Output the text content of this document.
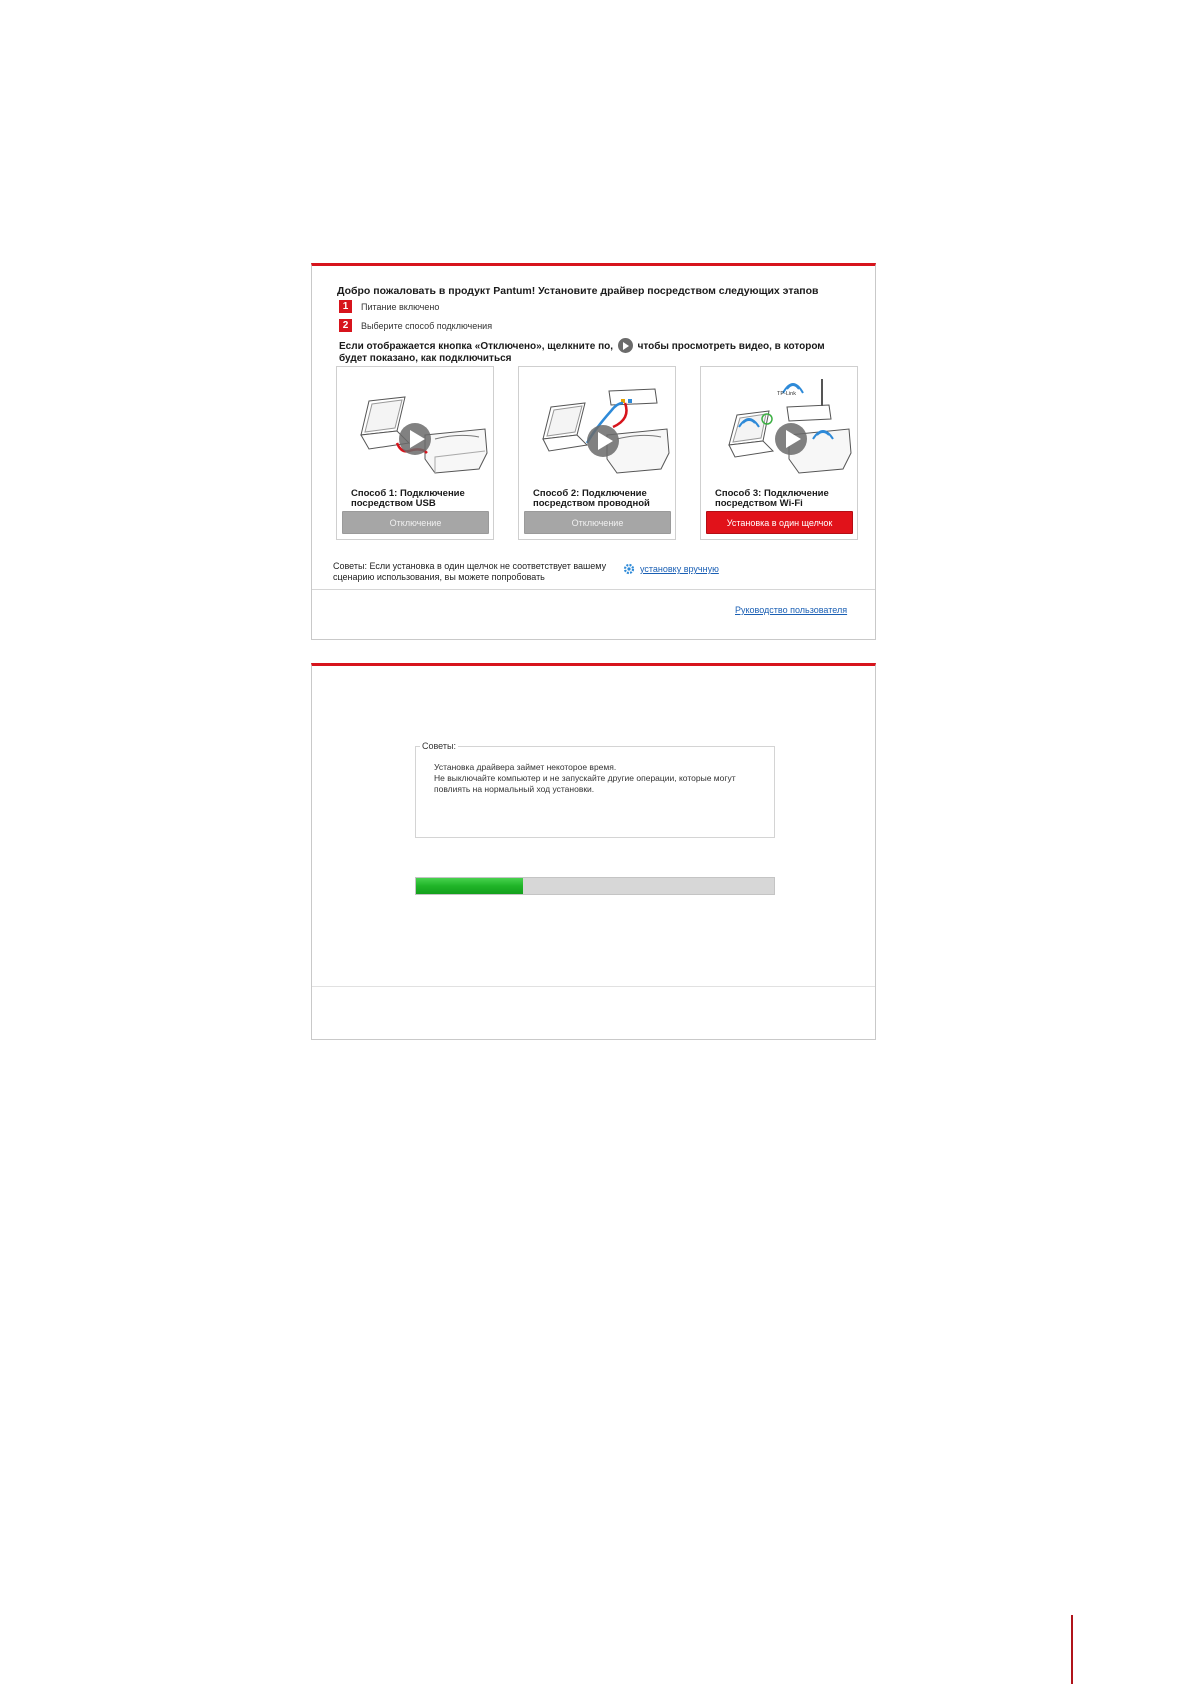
Добро пожаловать в продукт Pantum! Установите драйвер посредством следующих этапов
1	Питание включено
2	Выберите способ подключения
Если отображается кнопка «Отключено», щелкните по, чтобы просмотреть видео, в котором будет показано, как подключиться
Способ 1: Подключение посредством USB
Отключение
Способ 2: Подключение посредством проводной
Отключение
TP-Link
Способ 3: Подключение посредством Wi-Fi
Установка в один щелчок
Советы: Если установка в один щелчок не соответствует вашему сценарию использования, вы можете попробовать
установку вручную
Руководство пользователя
Советы:
Установка драйвера займет некоторое время.
Не выключайте компьютер и не запускайте другие операции, которые могут повлиять на нормальный ход установки.
